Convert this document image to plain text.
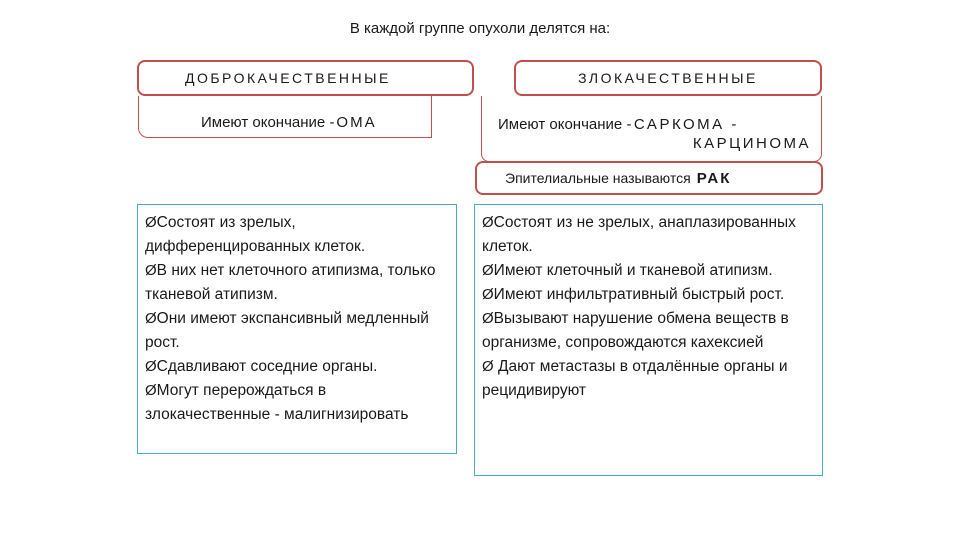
В каждой группе опухоли делятся на:
ДОБРОКАЧЕСТВЕННЫЕ
Имеют окончание -ОМА

ØСостоят из зрелых, дифференцированных клеток.

ØВ них нет клеточного атипизма, только тканевой атипизм.

ØОни имеют экспансивный медленный рост.

ØСдавливают соседние органы.

ØМогут перерождаться в злокачественные - малигнизировать

ЗЛОКАЧЕСТВЕННЫЕ
Имеют окончание -САРКОМА -
КАРЦИНОМА
Эпителиальные называются РАК

ØСостоят из не зрелых, анаплазированных клеток.

ØИмеют клеточный и тканевой атипизм.

ØИмеют инфильтративный быстрый рост.

ØВызывают нарушение обмена веществ в организме, сопровождаются кахексией

Ø Дают метастазы в отдалённые органы и рецидивируют
